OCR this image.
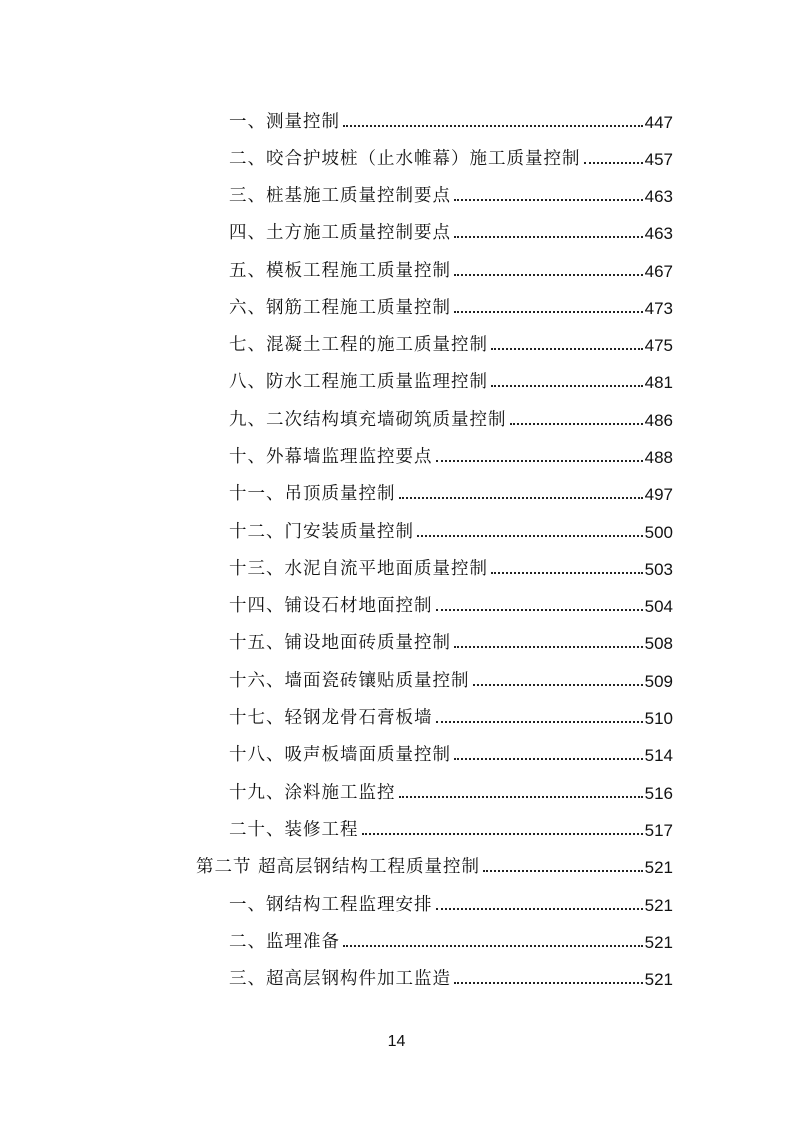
一、测量控制	447
二、咬合护坡桩（止水帷幕）施工质量控制	457
三、桩基施工质量控制要点	463
四、土方施工质量控制要点	463
五、模板工程施工质量控制	467
六、钢筋工程施工质量控制	473
七、混凝土工程的施工质量控制	475
八、防水工程施工质量监理控制	481
九、二次结构填充墙砌筑质量控制	486
十、外幕墙监理监控要点	488
十一、吊顶质量控制	497
十二、门安装质量控制	500
十三、水泥自流平地面质量控制	503
十四、铺设石材地面控制	504
十五、铺设地面砖质量控制	508
十六、墙面瓷砖镶贴质量控制	509
十七、轻钢龙骨石膏板墙	510
十八、吸声板墙面质量控制	514
十九、涂料施工监控	516
二十、装修工程	517
第二节 超高层钢结构工程质量控制	521
一、钢结构工程监理安排	521
二、监理准备	521
三、超高层钢构件加工监造	521
14
